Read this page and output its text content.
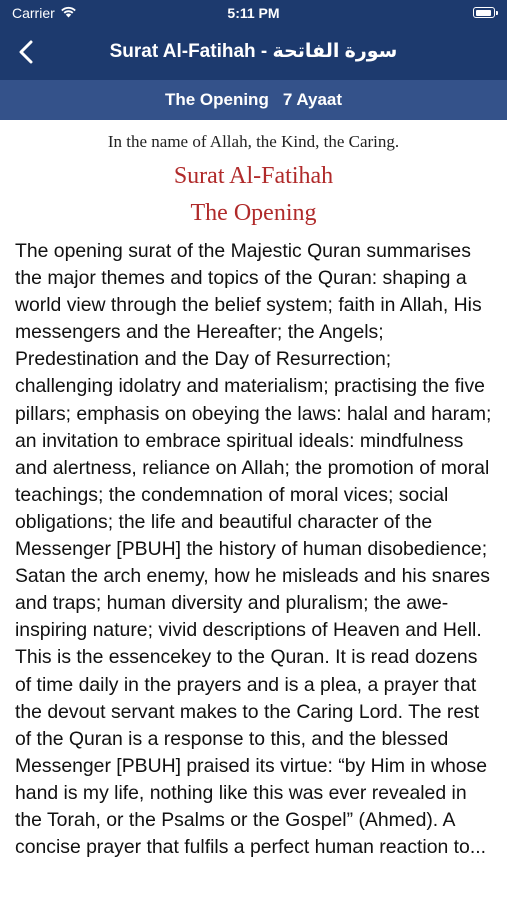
Carrier	5:11 PM
Surat Al-Fatihah - سورة الفاتحة
The Opening 7 Ayaat
In the name of Allah, the Kind, the Caring.
Surat Al-Fatihah
The Opening
The opening surat of the Majestic Quran summarises the major themes and topics of the Quran: shaping a world view through the belief system; faith in Allah, His messengers and the Hereafter; the Angels; Predestination and the Day of Resurrection; challenging idolatry and materialism; practising the five pillars; emphasis on obeying the laws: halal and haram; an invitation to embrace spiritual ideals: mindfulness and alertness, reliance on Allah; the promotion of moral teachings; the condemnation of moral vices; social obligations; the life and beautiful character of the Messenger [PBUH] the history of human disobedience; Satan the arch enemy, how he misleads and his snares and traps; human diversity and pluralism; the awe-inspiring nature; vivid descriptions of Heaven and Hell. This is the essencekey to the Quran. It is read dozens of time daily in the prayers and is a plea, a prayer that the devout servant makes to the Caring Lord. The rest of the Quran is a response to this, and the blessed Messenger [PBUH] praised its virtue: “by Him in whose hand is my life, nothing like this was ever revealed in the Torah, or the Psalms or the Gospel” (Ahmed). A concise prayer that fulfils a perfect human reaction to...
